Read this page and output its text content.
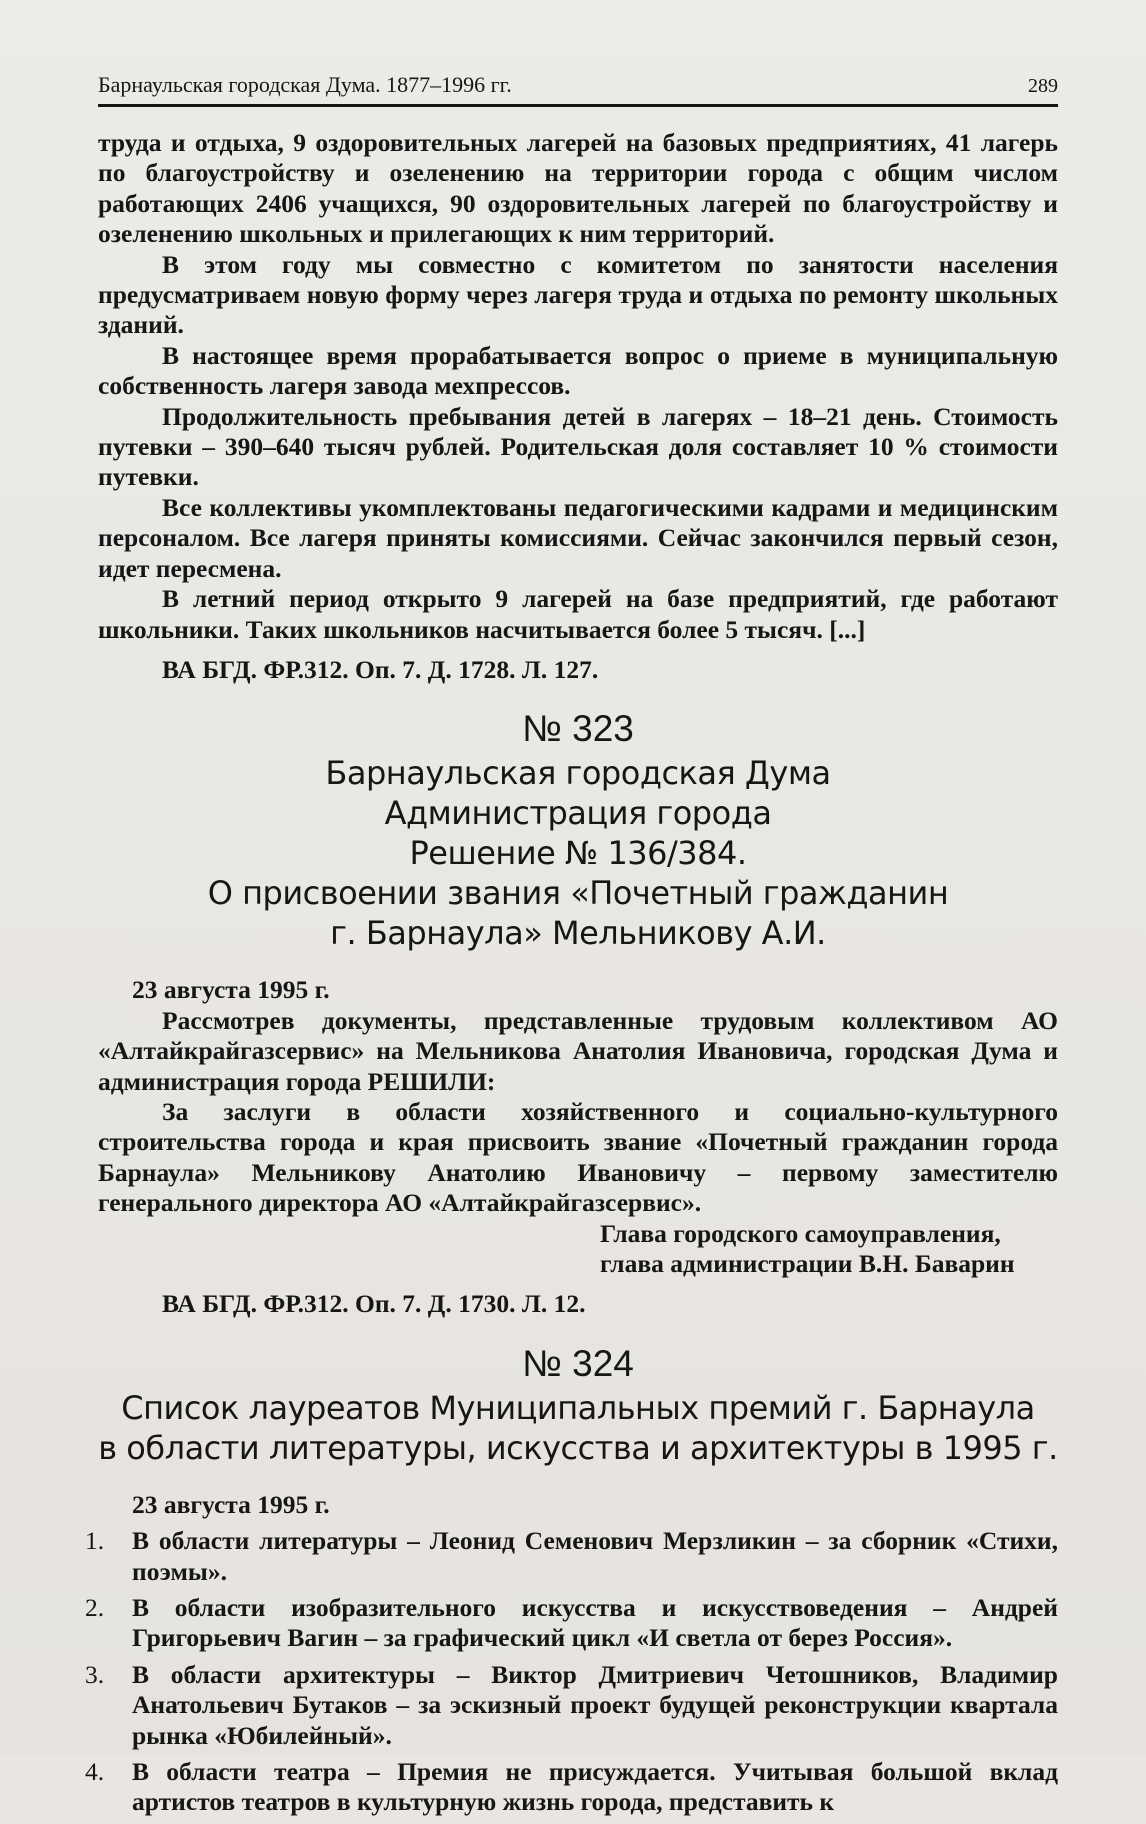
Барнаульская городская Дума. 1877–1996 гг.	289

труда и отдыха, 9 оздоровительных лагерей на базовых предприятиях, 41 лагерь по благоустройству и озеленению на территории города с общим числом работающих 2406 учащихся, 90 оздоровительных лагерей по благоустройству и озеленению школьных и прилегающих к ним территорий.

В этом году мы совместно с комитетом по занятости населения предусматриваем новую форму через лагеря труда и отдыха по ремонту школьных зданий.

В настоящее время прорабатывается вопрос о приеме в муниципальную собственность лагеря завода мехпрессов.

Продолжительность пребывания детей в лагерях – 18–21 день. Стоимость путевки – 390–640 тысяч рублей. Родительская доля составляет 10 % стоимости путевки.

Все коллективы укомплектованы педагогическими кадрами и медицинским персоналом. Все лагеря приняты комиссиями. Сейчас закончился первый сезон, идет пересмена.

В летний период открыто 9 лагерей на базе предприятий, где работают школьники. Таких школьников насчитывается более 5 тысяч. [...]

ВА БГД. ФР.312. Оп. 7. Д. 1728. Л. 127.

№ 323
Барнаульская городская Дума
Администрация города
Решение № 136/384.
О присвоении звания «Почетный гражданин
г. Барнаула» Мельникову А.И.

23 августа 1995 г.

Рассмотрев документы, представленные трудовым коллективом АО «Алтайкрайгазсервис» на Мельникова Анатолия Ивановича, городская Дума и администрация города РЕШИЛИ:

За заслуги в области хозяйственного и социально-культурного строительства города и края присвоить звание «Почетный гражданин города Барнаула» Мельникову Анатолию Ивановичу – первому заместителю генерального директора АО «Алтайкрайгазсервис».

Глава городского самоуправления,

глава администрации В.Н. Баварин

ВА БГД. ФР.312. Оп. 7. Д. 1730. Л. 12.

№ 324
Список лауреатов Муниципальных премий г. Барнаула
в области литературы, искусства и архитектуры в 1995 г.

23 августа 1995 г.

1. В области литературы – Леонид Семенович Мерзликин – за сборник «Стихи, поэмы».
2. В области изобразительного искусства и искусствоведения – Андрей Григорьевич Вагин – за графический цикл «И светла от берез Россия».
3. В области архитектуры – Виктор Дмитриевич Четошников, Владимир Анатольевич Бутаков – за эскизный проект будущей реконструкции квартала рынка «Юбилейный».
4. В области театра – Премия не присуждается. Учитывая большой вклад артистов театров в культурную жизнь города, представить к
